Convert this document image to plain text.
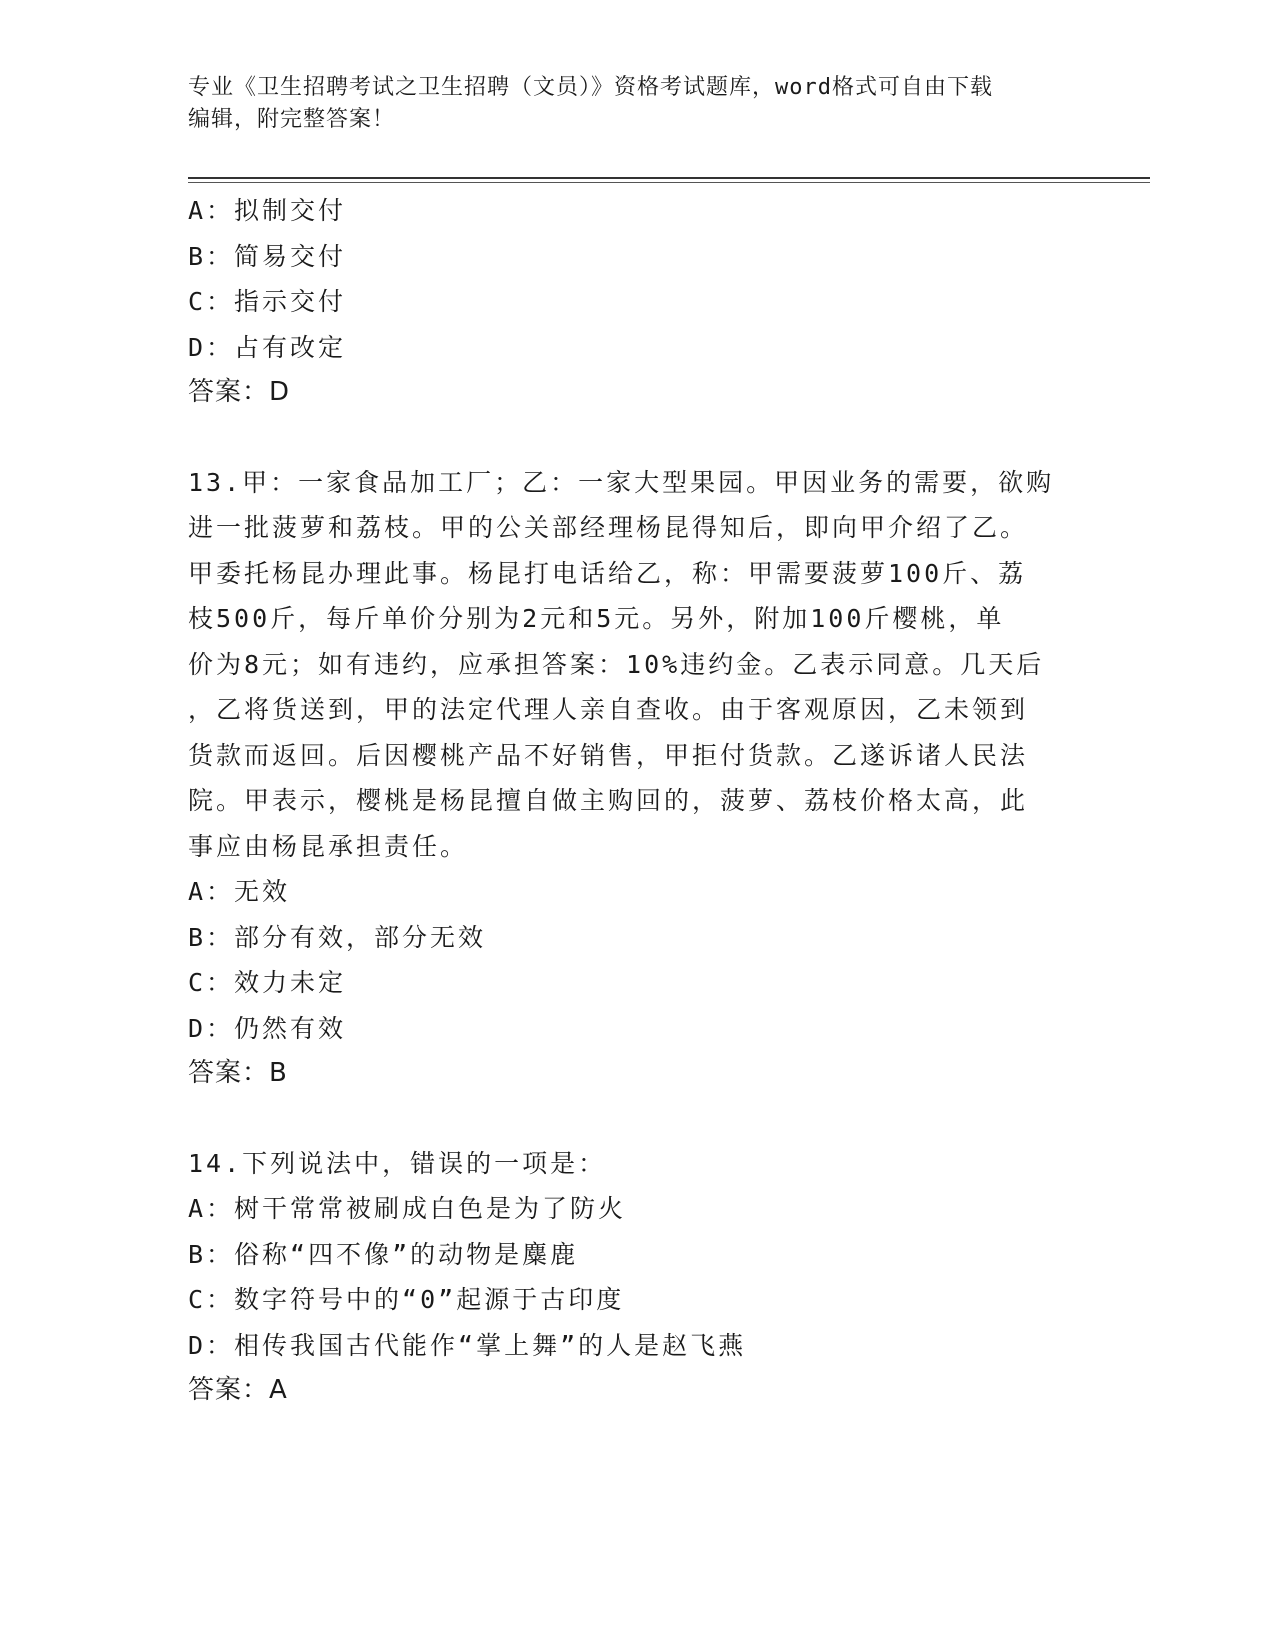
专业《卫生招聘考试之卫生招聘（文员）》资格考试题库，word格式可自由下载
编辑，附完整答案！
A：拟制交付
B：简易交付
C：指示交付
D：占有改定
答案：D
13.甲：一家食品加工厂；乙：一家大型果园。甲因业务的需要，欲购
进一批菠萝和荔枝。甲的公关部经理杨昆得知后，即向甲介绍了乙。
甲委托杨昆办理此事。杨昆打电话给乙，称：甲需要菠萝100斤、荔
枝500斤，每斤单价分别为2元和5元。另外，附加100斤樱桃，单
价为8元；如有违约，应承担答案：10%违约金。乙表示同意。几天后
，乙将货送到，甲的法定代理人亲自查收。由于客观原因，乙未领到
货款而返回。后因樱桃产品不好销售，甲拒付货款。乙遂诉诸人民法
院。甲表示，樱桃是杨昆擅自做主购回的，菠萝、荔枝价格太高，此
事应由杨昆承担责任。
A：无效
B：部分有效，部分无效
C：效力未定
D：仍然有效
答案：B
14.下列说法中，错误的一项是：
A：树干常常被刷成白色是为了防火
B：俗称“四不像”的动物是麋鹿
C：数字符号中的“0”起源于古印度
D：相传我国古代能作“掌上舞”的人是赵飞燕
答案：A
